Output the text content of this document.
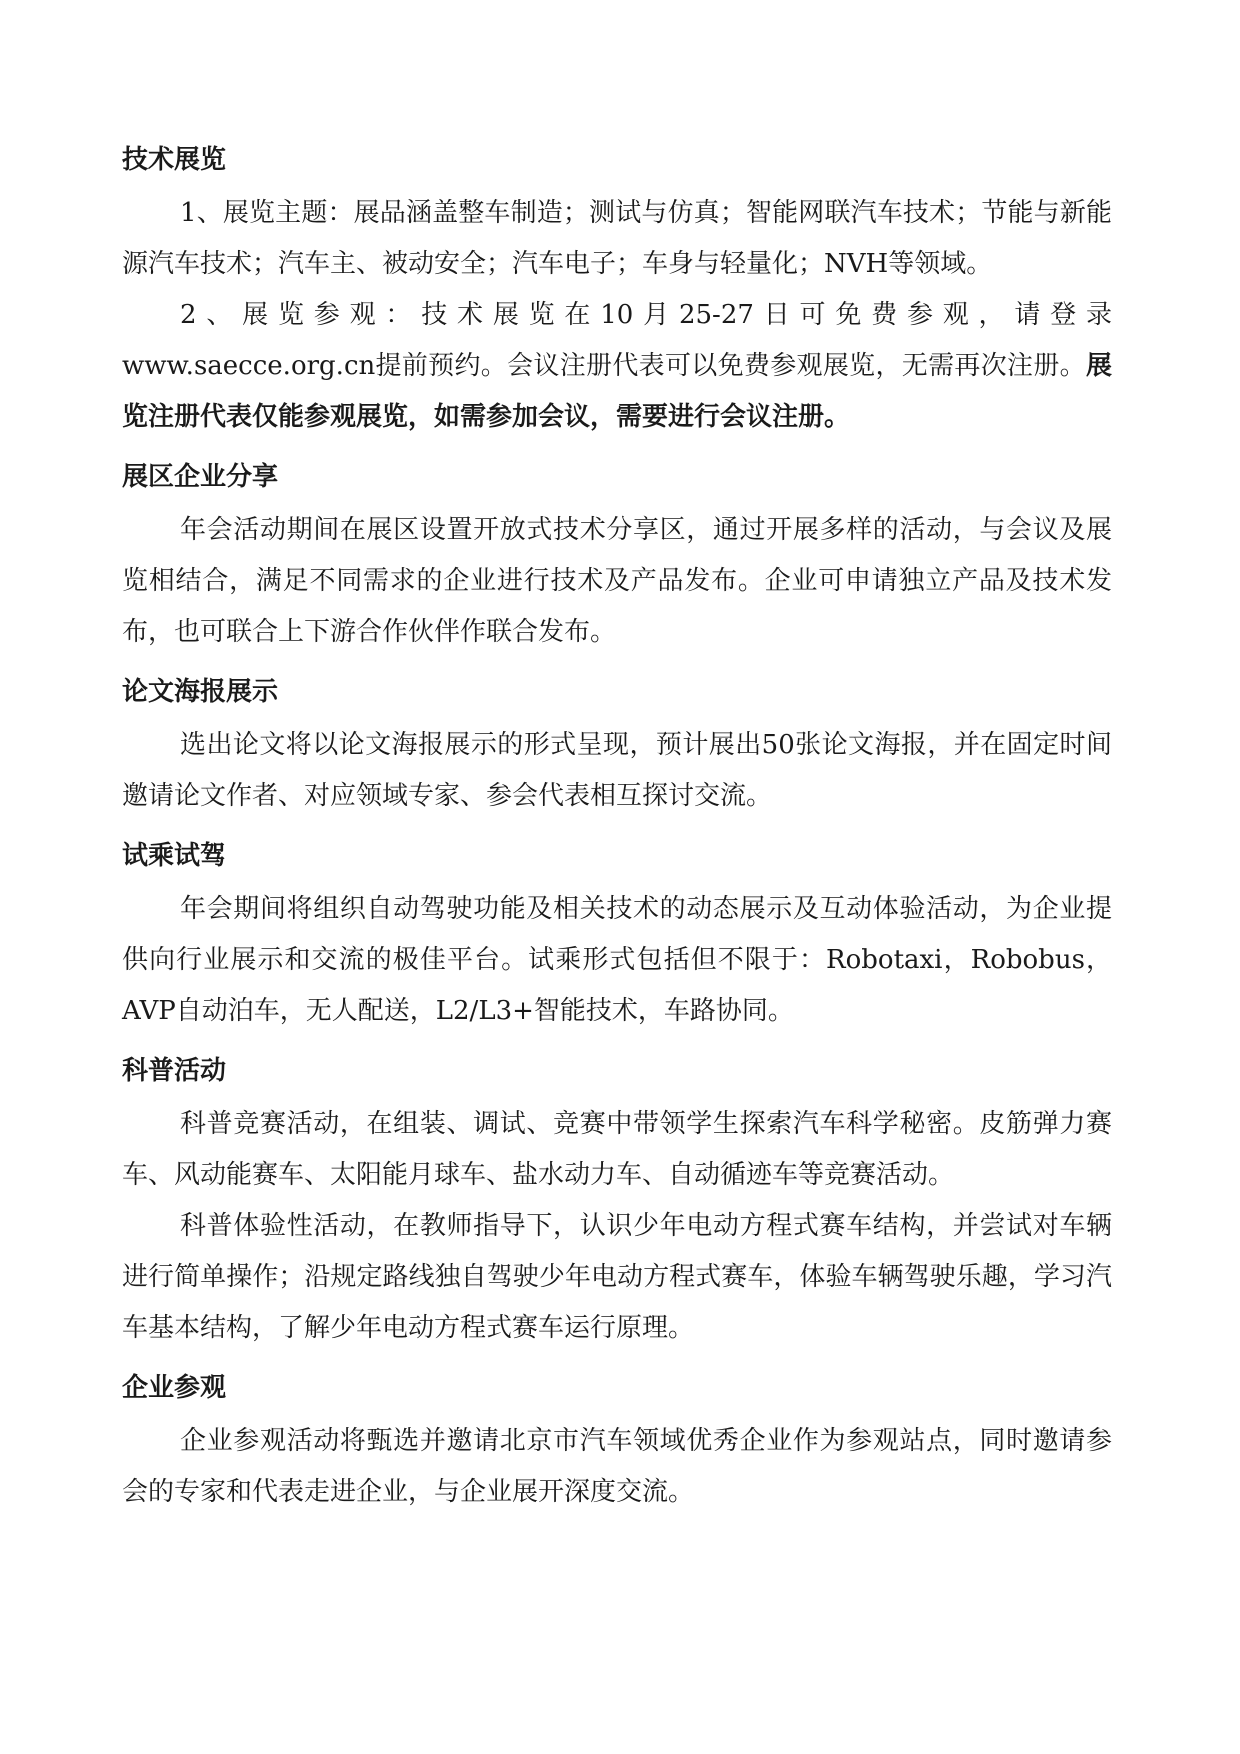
技术展览

1、展览主题：展品涵盖整车制造；测试与仿真；智能网联汽车技术；节能与新能源汽车技术；汽车主、被动安全；汽车电子；车身与轻量化；NVH等领域。

2、展览参观：技术展览在10月25-27日可免费参观，请登录www.saecce.org.cn提前预约。会议注册代表可以免费参观展览，无需再次注册。展览注册代表仅能参观展览，如需参加会议，需要进行会议注册。

展区企业分享

年会活动期间在展区设置开放式技术分享区，通过开展多样的活动，与会议及展览相结合，满足不同需求的企业进行技术及产品发布。企业可申请独立产品及技术发布，也可联合上下游合作伙伴作联合发布。

论文海报展示

选出论文将以论文海报展示的形式呈现，预计展出50张论文海报，并在固定时间邀请论文作者、对应领域专家、参会代表相互探讨交流。

试乘试驾

年会期间将组织自动驾驶功能及相关技术的动态展示及互动体验活动，为企业提供向行业展示和交流的极佳平台。试乘形式包括但不限于：Robotaxi，Robobus，AVP自动泊车，无人配送，L2/L3+智能技术，车路协同。

科普活动

科普竞赛活动，在组装、调试、竞赛中带领学生探索汽车科学秘密。皮筋弹力赛车、风动能赛车、太阳能月球车、盐水动力车、自动循迹车等竞赛活动。

科普体验性活动，在教师指导下，认识少年电动方程式赛车结构，并尝试对车辆进行简单操作；沿规定路线独自驾驶少年电动方程式赛车，体验车辆驾驶乐趣，学习汽车基本结构，了解少年电动方程式赛车运行原理。

企业参观

企业参观活动将甄选并邀请北京市汽车领域优秀企业作为参观站点，同时邀请参会的专家和代表走进企业，与企业展开深度交流。
